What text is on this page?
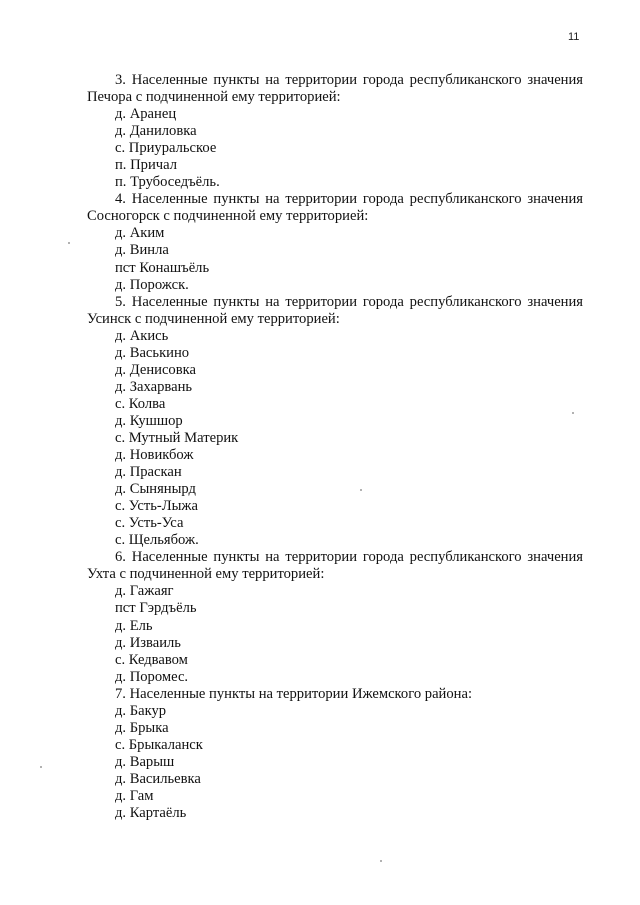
11

3. Населенные пункты на территории города республиканского значения Печора с подчиненной ему территорией:

д. Аранец
д. Даниловка
с. Приуральское
п. Причал
п. Трубоседъёль.

4. Населенные пункты на территории города республиканского значения Сосногорск с подчиненной ему территорией:

д. Аким
д. Винла
пст Конашъёль
д. Порожск.

5. Населенные пункты на территории города республиканского значения Усинск с подчиненной ему территорией:

д. Акись
д. Васькино
д. Денисовка
д. Захарвань
с. Колва
д. Кушшор
с. Мутный Материк
д. Новикбож
д. Праскан
д. Сынянырд
с. Усть-Лыжа
с. Усть-Уса
с. Щельябож.

6. Населенные пункты на территории города республиканского значения Ухта с подчиненной ему территорией:

д. Гажаяг
пст Гэрдъёль
д. Ель
д. Изваиль
с. Кедвавом
д. Поромес.

7. Населенные пункты на территории Ижемского района:

д. Бакур
д. Брыка
с. Брыкаланск
д. Варыш
д. Васильевка
д. Гам
д. Картаёль
